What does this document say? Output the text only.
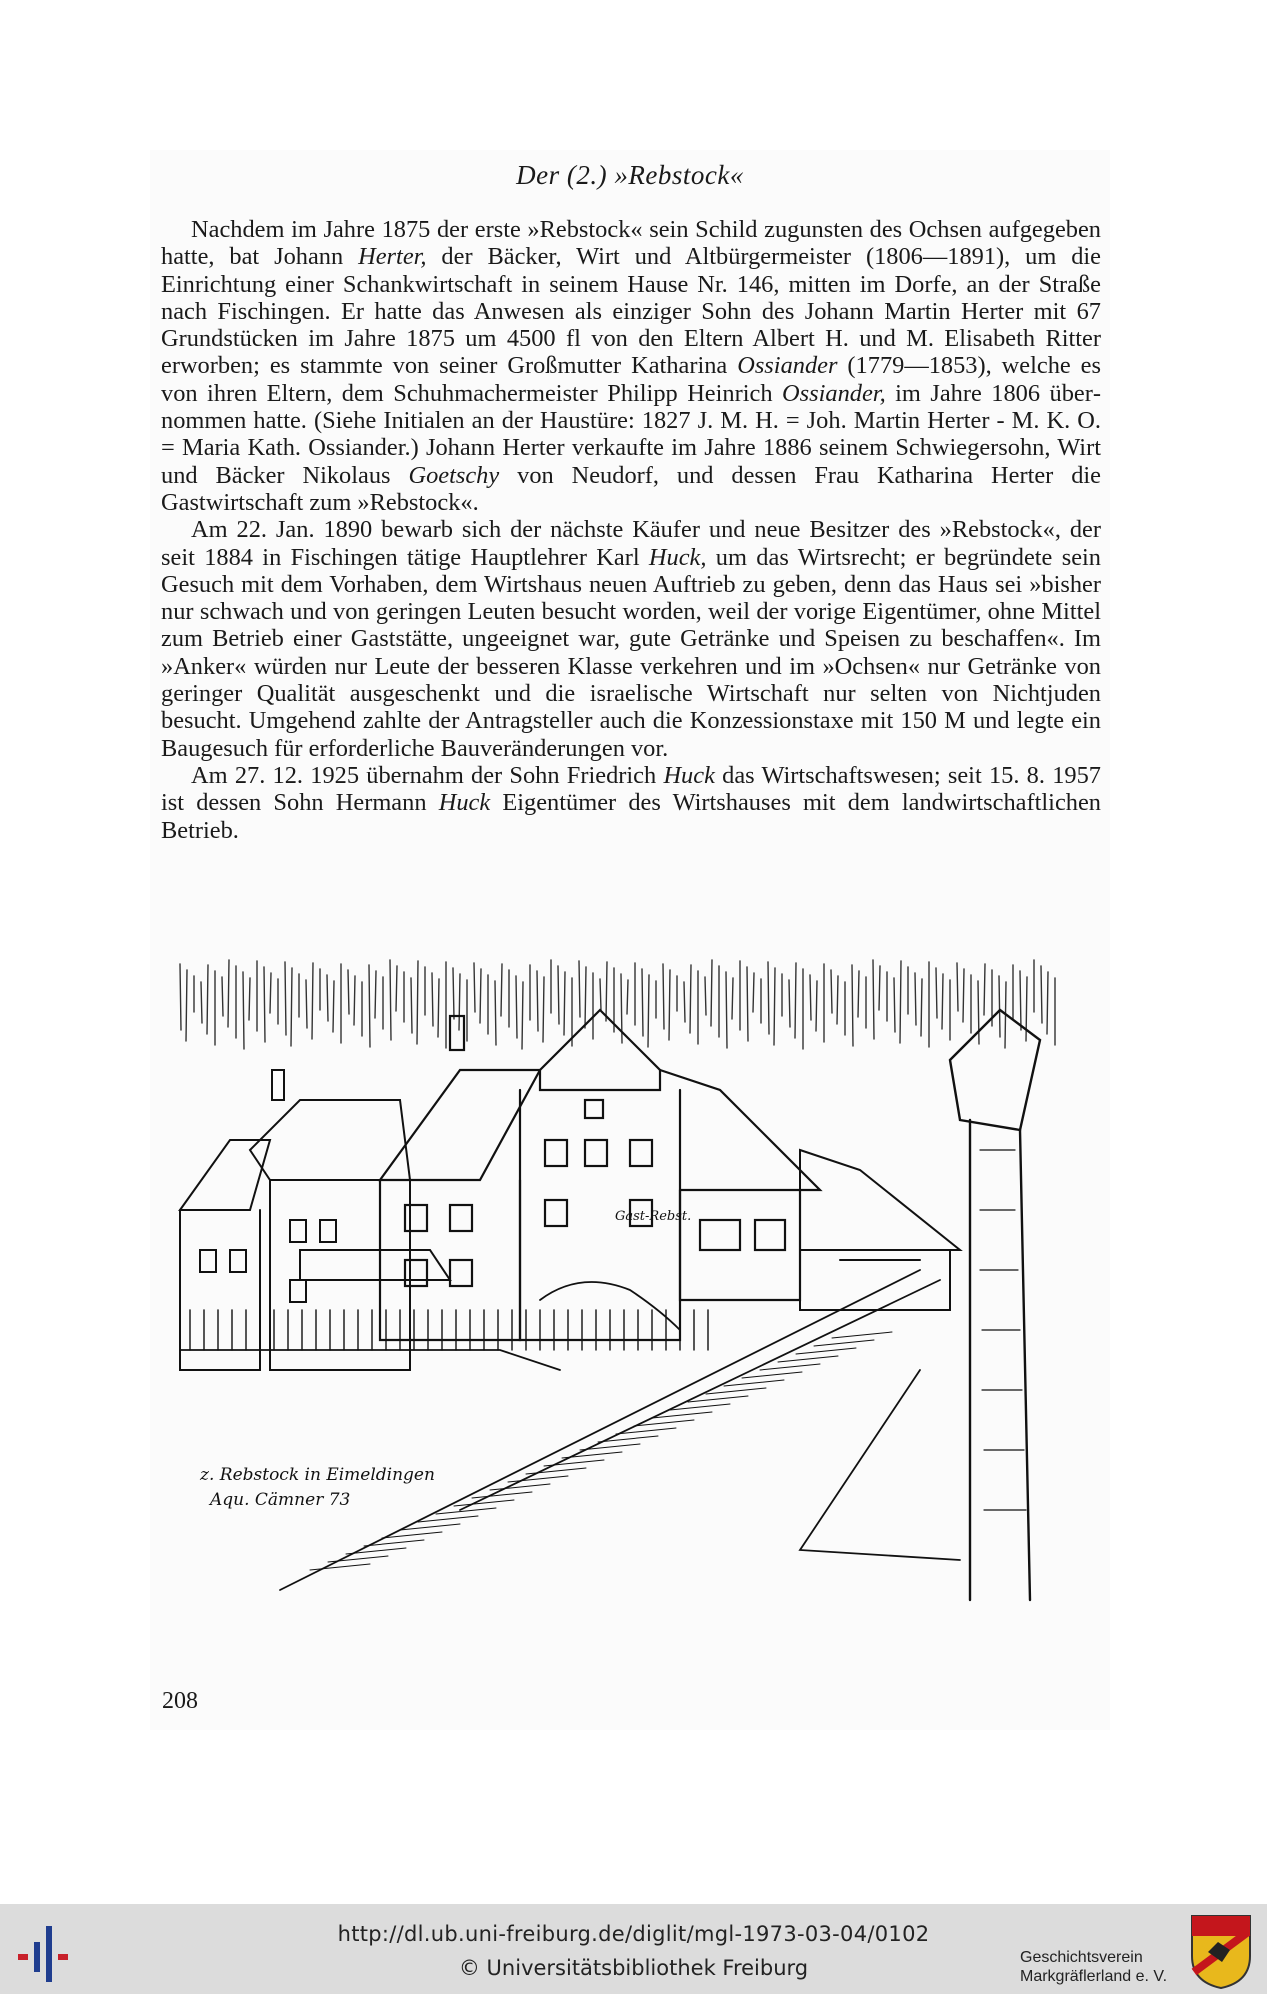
Der (2.) »Rebstock«

Nachdem im Jahre 1875 der erste »Rebstock« sein Schild zugunsten des Ochsen aufgegeben hatte, bat Johann Herter, der Bäcker, Wirt und Altbürgermeister (1806—1891), um die Einrichtung einer Schankwirtschaft in seinem Hause Nr. 146, mitten im Dorfe, an der Straße nach Fischingen. Er hatte das Anwesen als einziger Sohn des Johann Martin Herter mit 67 Grundstücken im Jahre 1875 um 4500 fl von den Eltern Albert H. und M. Elisabeth Ritter erworben; es stammte von seiner Großmutter Katharina Ossiander (1779—1853), welche es von ihren Eltern, dem Schuhmachermeister Philipp Heinrich Ossiander, im Jahre 1806 übernommen hatte. (Siehe Initialen an der Haustüre: 1827 J. M. H. = Joh. Martin Herter - M. K. O. = Maria Kath. Ossiander.) Johann Herter verkaufte im Jahre 1886 seinem Schwiegersohn, Wirt und Bäcker Nikolaus Goetschy von Neudorf, und dessen Frau Katharina Herter die Gastwirtschaft zum »Rebstock«.

Am 22. Jan. 1890 bewarb sich der nächste Käufer und neue Besitzer des »Rebstock«, der seit 1884 in Fischingen tätige Hauptlehrer Karl Huck, um das Wirtsrecht; er begründete sein Gesuch mit dem Vorhaben, dem Wirtshaus neuen Auftrieb zu geben, denn das Haus sei »bisher nur schwach und von geringen Leuten besucht worden, weil der vorige Eigentümer, ohne Mittel zum Betrieb einer Gaststätte, ungeeignet war, gute Getränke und Speisen zu beschaffen«. Im »Anker« würden nur Leute der besseren Klasse verkehren und im »Ochsen« nur Getränke von geringer Qualität ausgeschenkt und die israelische Wirtschaft nur selten von Nichtjuden besucht. Umgehend zahlte der Antragsteller auch die Konzessionstaxe mit 150 M und legte ein Baugesuch für erforderliche Bauveränderungen vor.

Am 27. 12. 1925 übernahm der Sohn Friedrich Huck das Wirtschaftswesen; seit 15. 8. 1957 ist dessen Sohn Hermann Huck Eigentümer des Wirtshauses mit dem landwirtschaftlichen Betrieb.

Gast-Rebst.
z. Rebstock in Eimeldingen
Aqu. Cämner 73
208
http://dl.ub.uni-freiburg.de/diglit/mgl-1973-03-04/0102
© Universitätsbibliothek Freiburg	Geschichtsverein
Markgräflerland e. V.
